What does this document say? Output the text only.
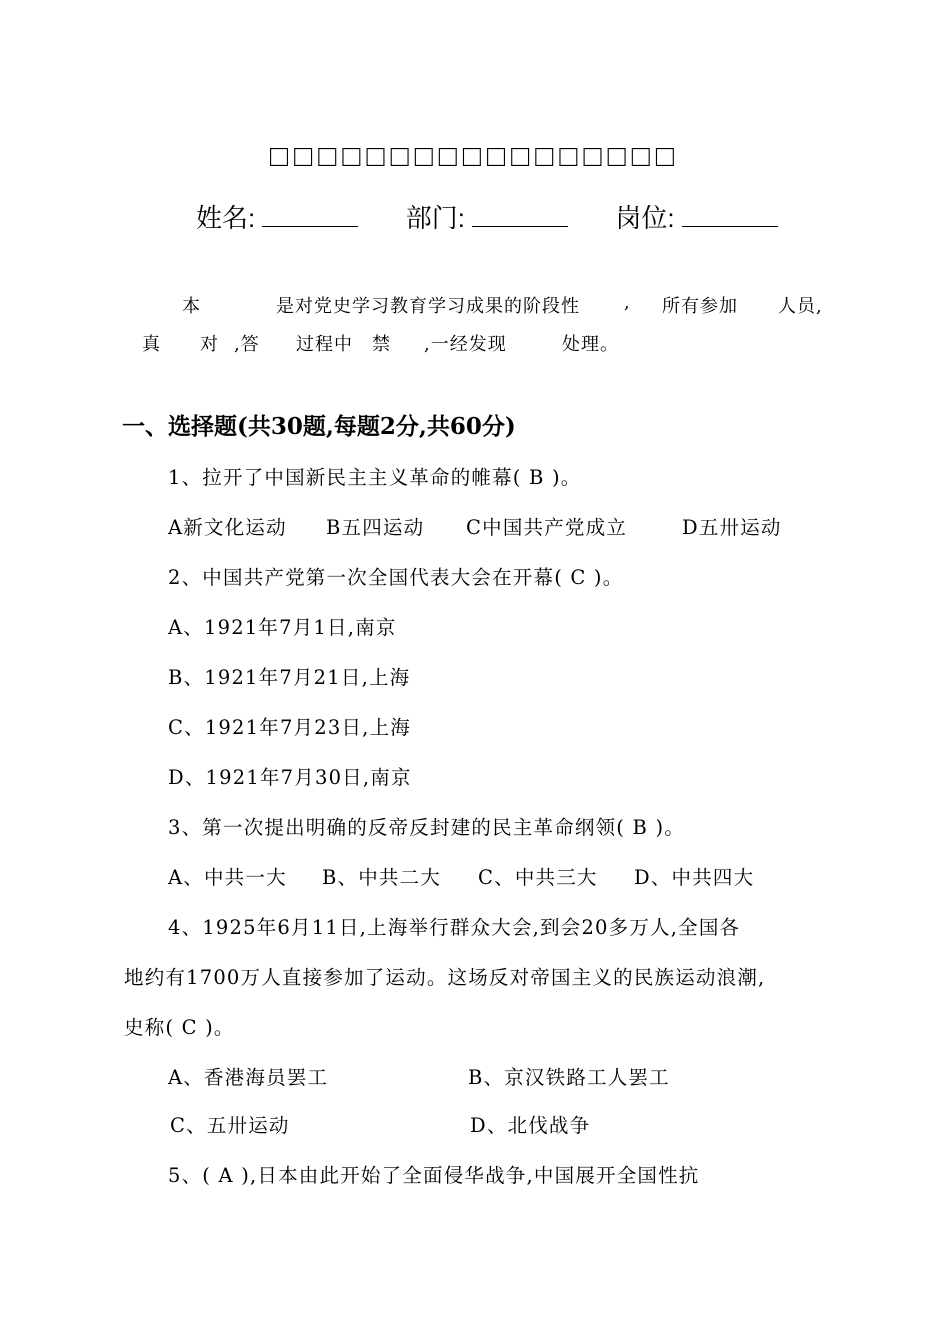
□□□□□□□□□□□□□□□□□
姓名:	部门:	岗位:
本	是对党史学习教育学习成果的阶段性 , 所有参加 人员,
真 对 ,答 过程中 禁 ,一经发现	处理。
一、选择题(共30题,每题2分,共60分)
1、拉开了中国新民主主义革命的帷幕( B )。
A新文化运动 B五四运动 C中国共产党成立	D五卅运动
2、中国共产党第一次全国代表大会在开幕( C )。
A、1921年7月1日,南京
B、1921年7月21日,上海
C、1921年7月23日,上海
D、1921年7月30日,南京
3、第一次提出明确的反帝反封建的民主革命纲领( B )。
A、中共一大 B、中共二大 C、中共三大 D、中共四大
4、1925年6月11日,上海举行群众大会,到会20多万人,全国各
地约有1700万人直接参加了运动。这场反对帝国主义的民族运动浪潮,
史称( C )。
A、香港海员罢工	B、京汉铁路工人罢工
C、五卅运动	D、北伐战争
5、( A ),日本由此开始了全面侵华战争,中国展开全国性抗
